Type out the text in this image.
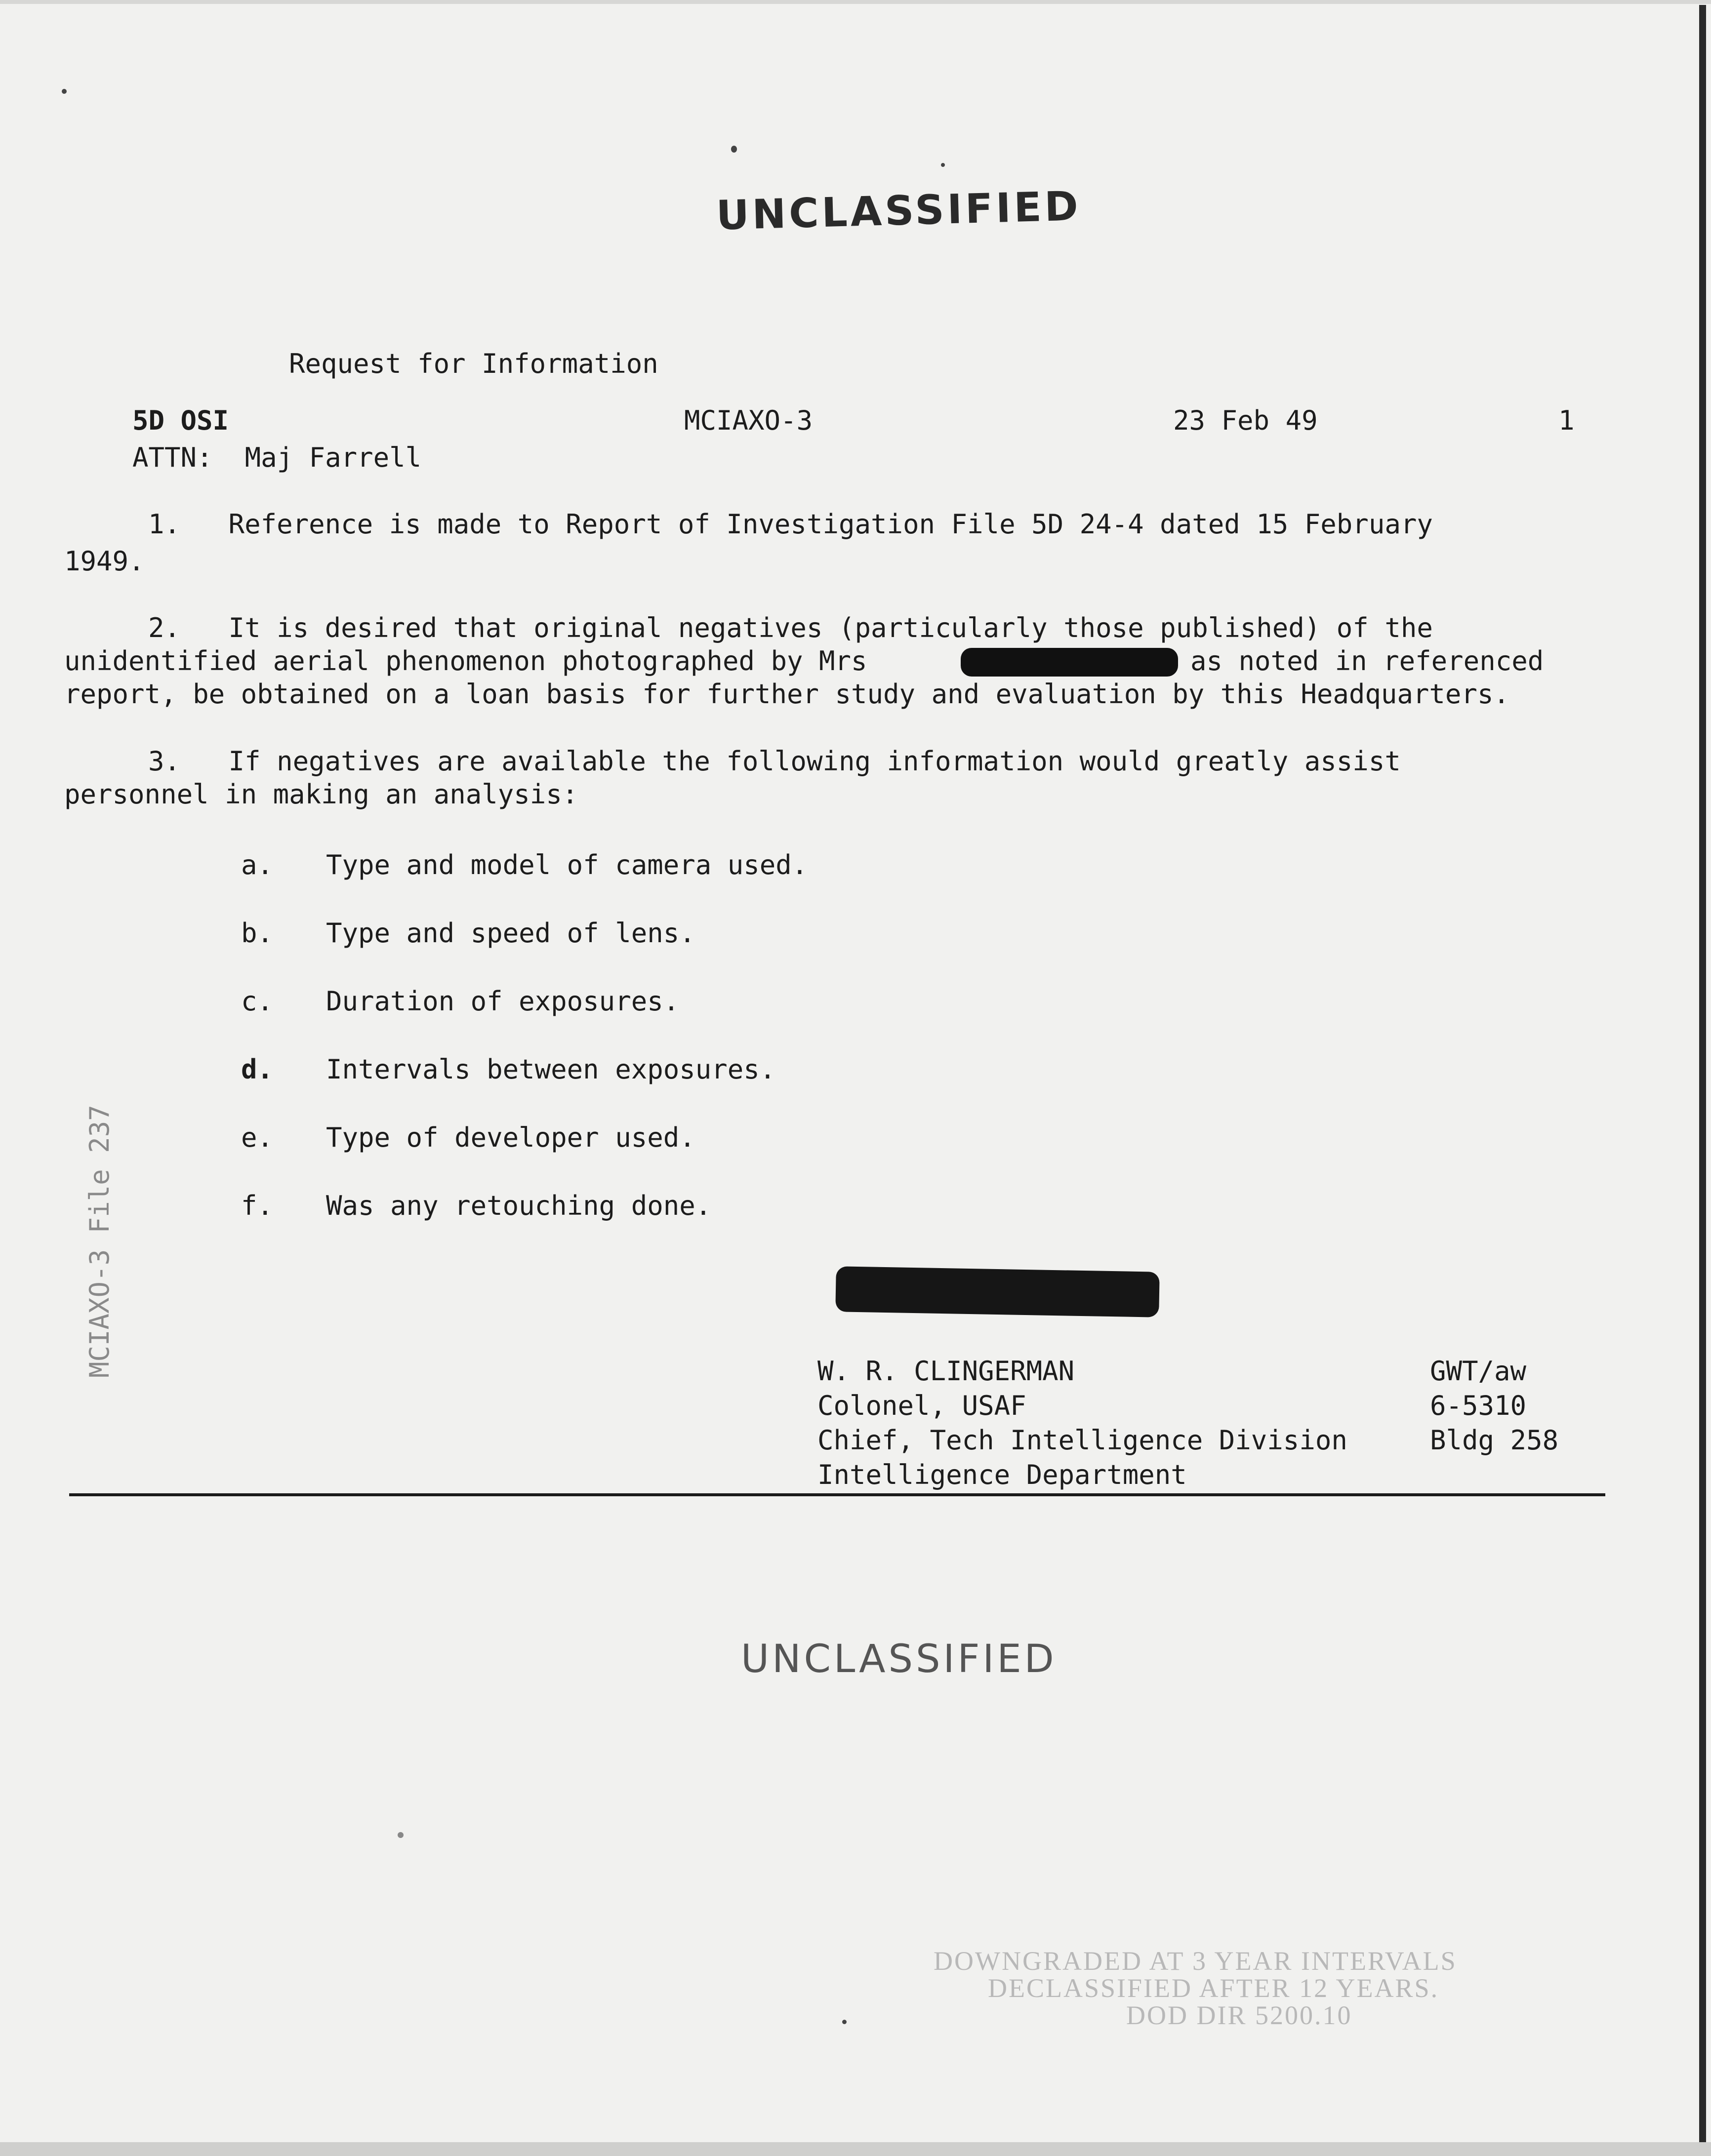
UNCLASSIFIED
Request for Information
5D OSI	MCIAXO-3	23 Feb 49	1
ATTN:  Maj Farrell
1.   Reference is made to Report of Investigation File 5D 24-4 dated 15 February
1949.
2.   It is desired that original negatives (particularly those published) of the
unidentified aerial phenomenon photographed by Mrs	as noted in referenced
report, be obtained on a loan basis for further study and evaluation by this Headquarters.
3.   If negatives are available the following information would greatly assist
personnel in making an analysis:
a. Type and model of camera used.
b. Type and speed of lens.
c. Duration of exposures.
d. Intervals between exposures.
e. Type of developer used.
f. Was any retouching done.
MCIAXO-3 File 237	W. R. CLINGERMAN
Colonel, USAF
Chief, Tech Intelligence Division
Intelligence Department
GWT/aw
6-5310
Bldg 258
UNCLASSIFIED
DOWNGRADED AT 3 YEAR INTERVALS
DECLASSIFIED AFTER 12 YEARS.
DOD DIR 5200.10
